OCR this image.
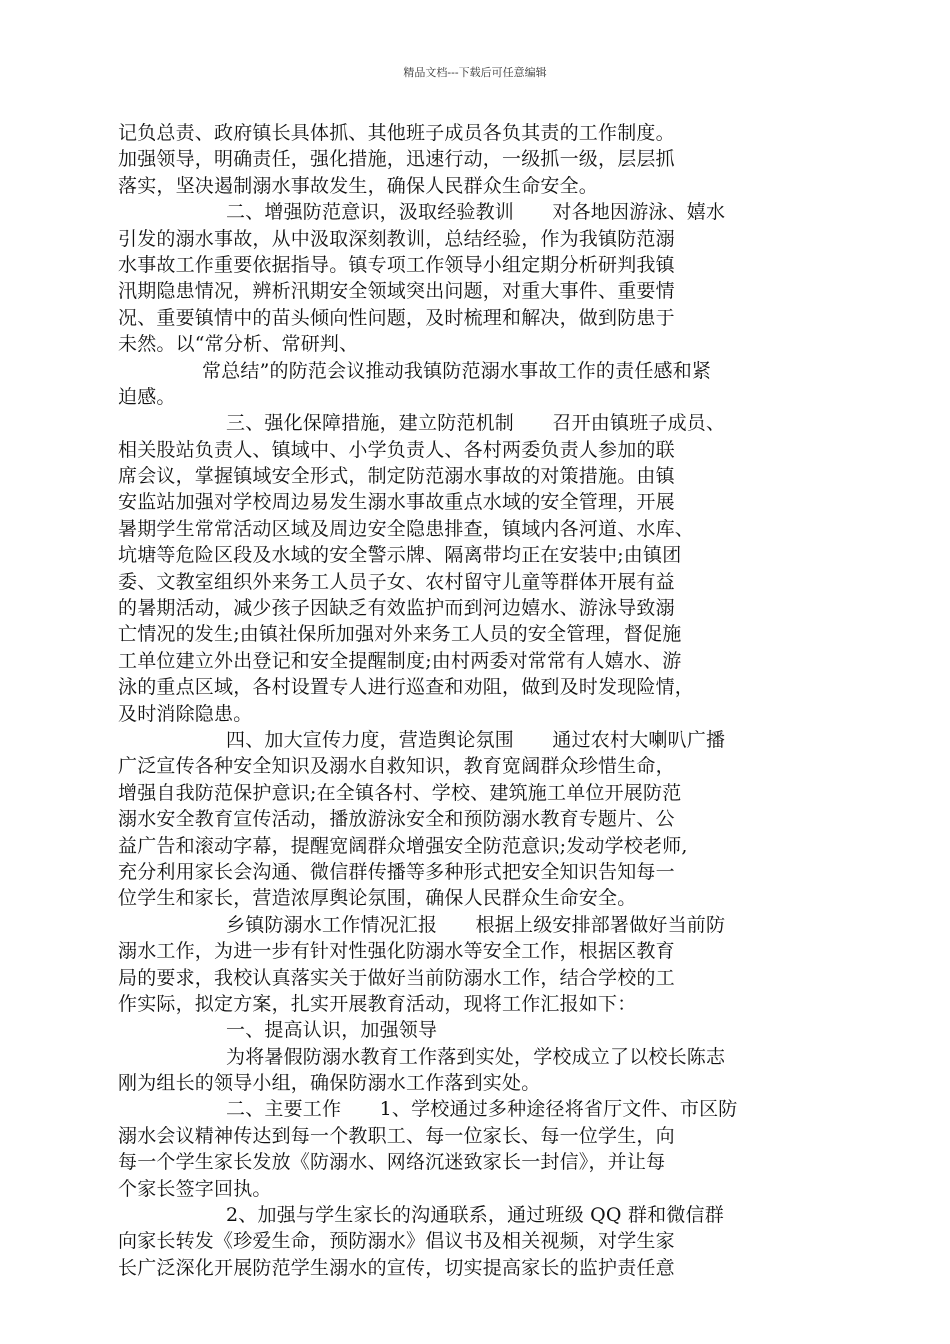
精品文档---下载后可任意编辑
记负总责、政府镇长具体抓、其他班子成员各负其责的工作制度。
加强领导，明确责任，强化措施，迅速行动，一级抓一级，层层抓
落实，坚决遏制溺水事故发生，确保人民群众生命安全。
二、增强防范意识，汲取经验教训　　对各地因游泳、嬉水
引发的溺水事故，从中汲取深刻教训，总结经验，作为我镇防范溺
水事故工作重要依据指导。镇专项工作领导小组定期分析研判我镇
汛期隐患情况，辨析汛期安全领域突出问题，对重大事件、重要情
况、重要镇情中的苗头倾向性问题，及时梳理和解决，做到防患于
未然。以“常分析、常研判、
常总结”的防范会议推动我镇防范溺水事故工作的责任感和紧
迫感。
三、强化保障措施，建立防范机制　　召开由镇班子成员、
相关股站负责人、镇域中、小学负责人、各村两委负责人参加的联
席会议，掌握镇域安全形式，制定防范溺水事故的对策措施。由镇
安监站加强对学校周边易发生溺水事故重点水域的安全管理，开展
暑期学生常常活动区域及周边安全隐患排查，镇域内各河道、水库、
坑塘等危险区段及水域的安全警示牌、隔离带均正在安装中;由镇团
委、文教室组织外来务工人员子女、农村留守儿童等群体开展有益
的暑期活动，减少孩子因缺乏有效监护而到河边嬉水、游泳导致溺
亡情况的发生;由镇社保所加强对外来务工人员的安全管理，督促施
工单位建立外出登记和安全提醒制度;由村两委对常常有人嬉水、游
泳的重点区域，各村设置专人进行巡查和劝阻，做到及时发现险情，
及时消除隐患。
四、加大宣传力度，营造舆论氛围　　通过农村大喇叭广播
广泛宣传各种安全知识及溺水自救知识，教育宽阔群众珍惜生命，
增强自我防范保护意识;在全镇各村、学校、建筑施工单位开展防范
溺水安全教育宣传活动，播放游泳安全和预防溺水教育专题片、公
益广告和滚动字幕，提醒宽阔群众增强安全防范意识;发动学校老师,
充分利用家长会沟通、微信群传播等多种形式把安全知识告知每一
位学生和家长，营造浓厚舆论氛围，确保人民群众生命安全。
乡镇防溺水工作情况汇报　　根据上级安排部署做好当前防
溺水工作，为进一步有针对性强化防溺水等安全工作，根据区教育
局的要求，我校认真落实关于做好当前防溺水工作，结合学校的工
作实际，拟定方案，扎实开展教育活动，现将工作汇报如下：
一、提高认识，加强领导
为将暑假防溺水教育工作落到实处，学校成立了以校长陈志
刚为组长的领导小组，确保防溺水工作落到实处。
二、主要工作　　1、学校通过多种途径将省厅文件、市区防
溺水会议精神传达到每一个教职工、每一位家长、每一位学生，向
每一个学生家长发放《防溺水、网络沉迷致家长一封信》，并让每
个家长签字回执。
2、加强与学生家长的沟通联系，通过班级 QQ 群和微信群
向家长转发《珍爱生命，预防溺水》倡议书及相关视频，对学生家
长广泛深化开展防范学生溺水的宣传，切实提高家长的监护责任意
